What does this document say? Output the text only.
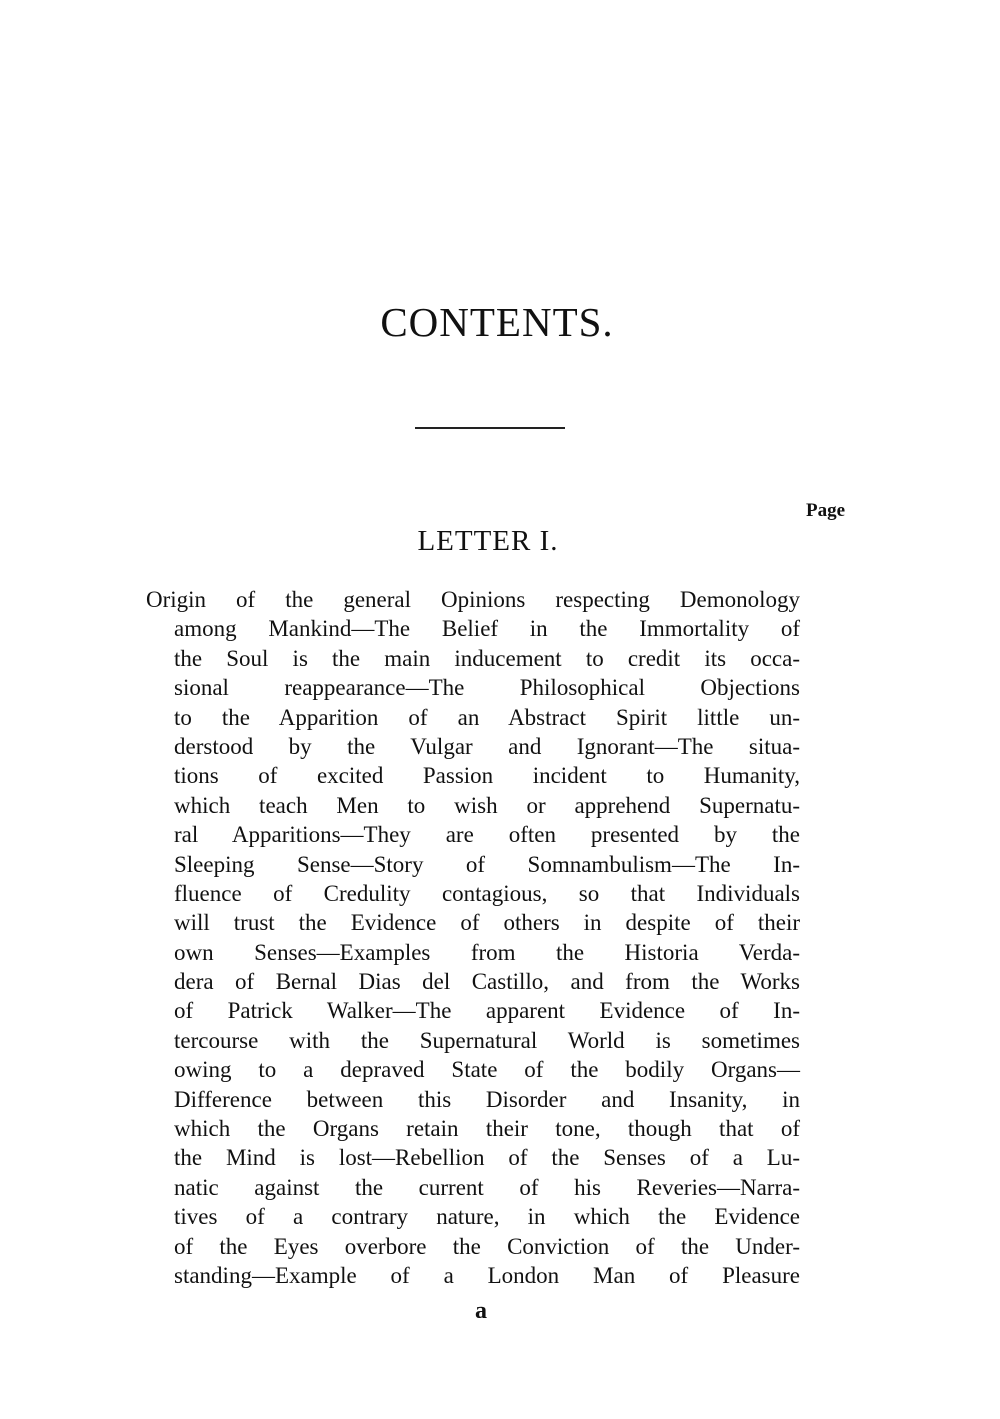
CONTENTS.
Page
LETTER I.
Origin of the general Opinions respecting Demonology
among Mankind—The Belief in the Immortality of
the Soul is the main inducement to credit its occa-
sional reappearance—The Philosophical Objections
to the Apparition of an Abstract Spirit little un-
derstood by the Vulgar and Ignorant—The situa-
tions of excited Passion incident to Humanity,
which teach Men to wish or apprehend Supernatu-
ral Apparitions—They are often presented by the
Sleeping Sense—Story of Somnambulism—The In-
fluence of Credulity contagious, so that Individuals
will trust the Evidence of others in despite of their
own Senses—Examples from the Historia Verda-
dera of Bernal Dias del Castillo, and from the Works
of Patrick Walker—The apparent Evidence of In-
tercourse with the Supernatural World is sometimes
owing to a depraved State of the bodily Organs—
Difference between this Disorder and Insanity, in
which the Organs retain their tone, though that of
the Mind is lost—Rebellion of the Senses of a Lu-
natic against the current of his Reveries—Narra-
tives of a contrary nature, in which the Evidence
of the Eyes overbore the Conviction of the Under-
standing—Example of a London Man of Pleasure
a
